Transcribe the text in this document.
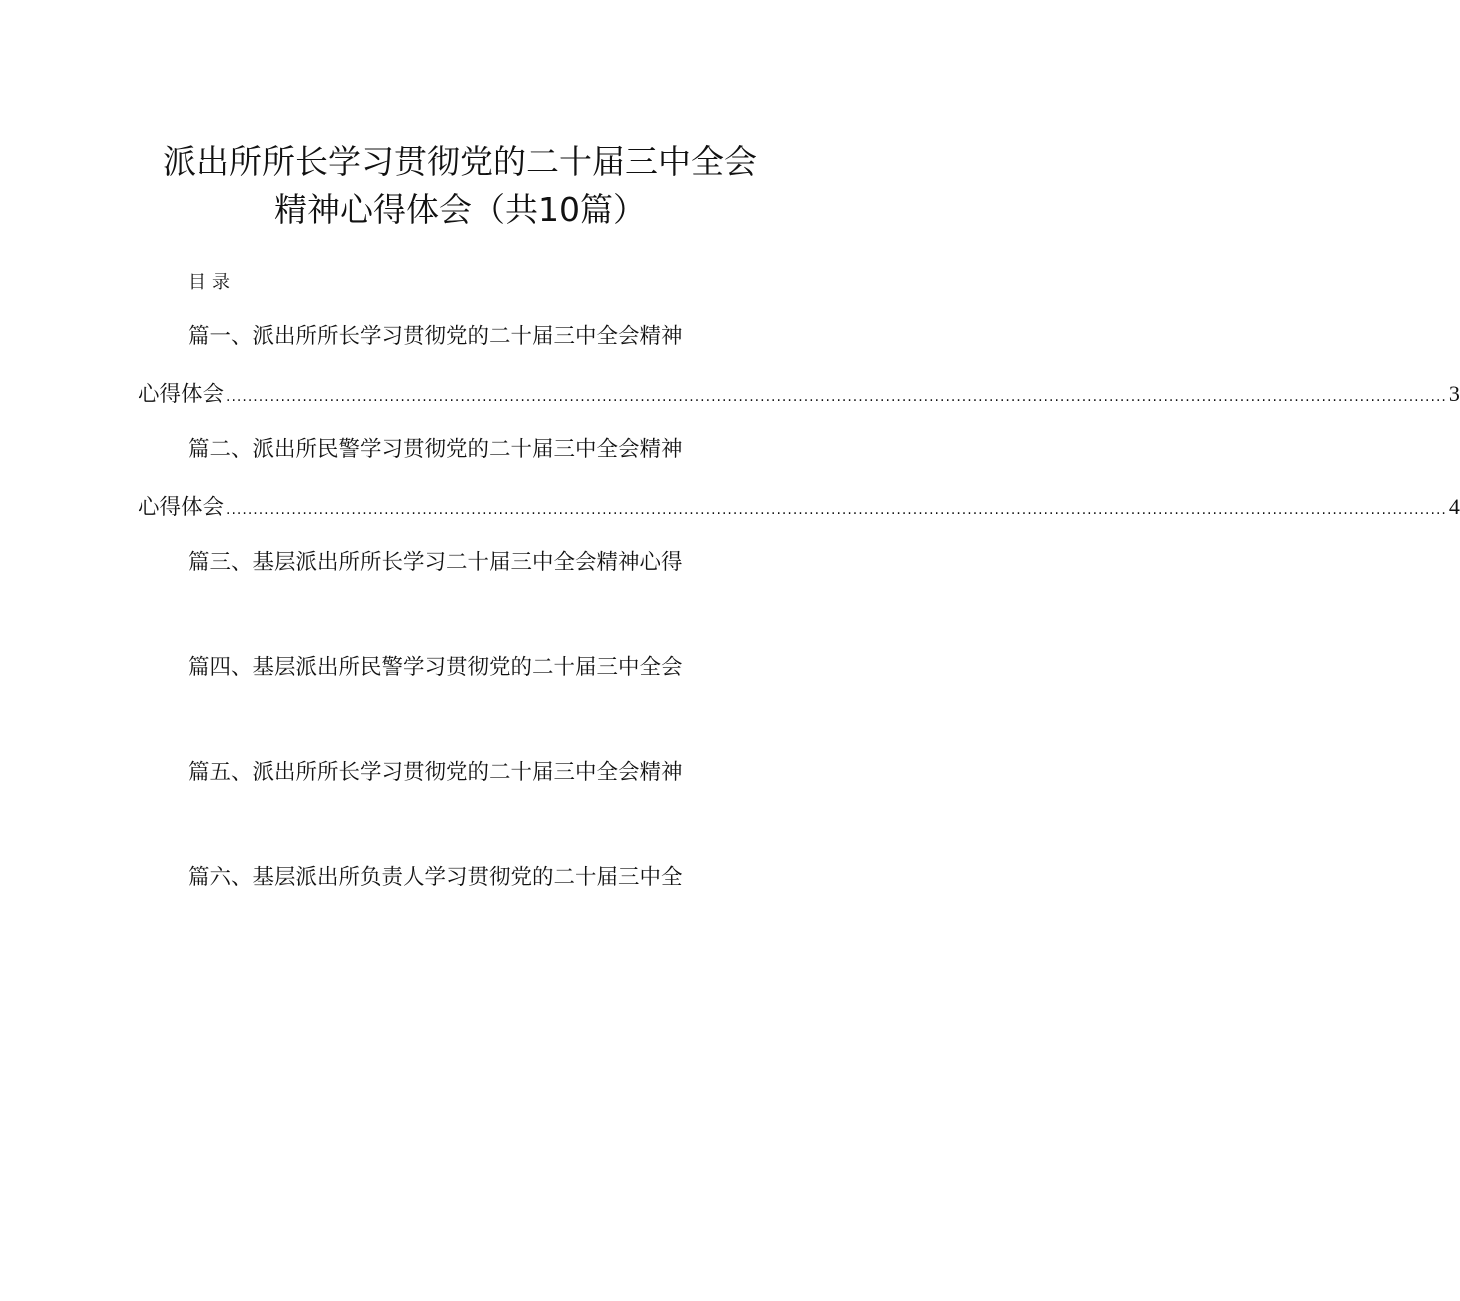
派出所所长学习贯彻党的二十届三中全会
精神心得体会（共10篇）
目录
篇一、派出所所长学习贯彻党的二十届三中全会精神
心得体会 ................................................................................................................................................................................................................................ 3
篇二、派出所民警学习贯彻党的二十届三中全会精神
心得体会 ................................................................................................................................................................................................................................ 4
篇三、基层派出所所长学习二十届三中全会精神心得
篇四、基层派出所民警学习贯彻党的二十届三中全会
篇五、派出所所长学习贯彻党的二十届三中全会精神
篇六、基层派出所负责人学习贯彻党的二十届三中全
